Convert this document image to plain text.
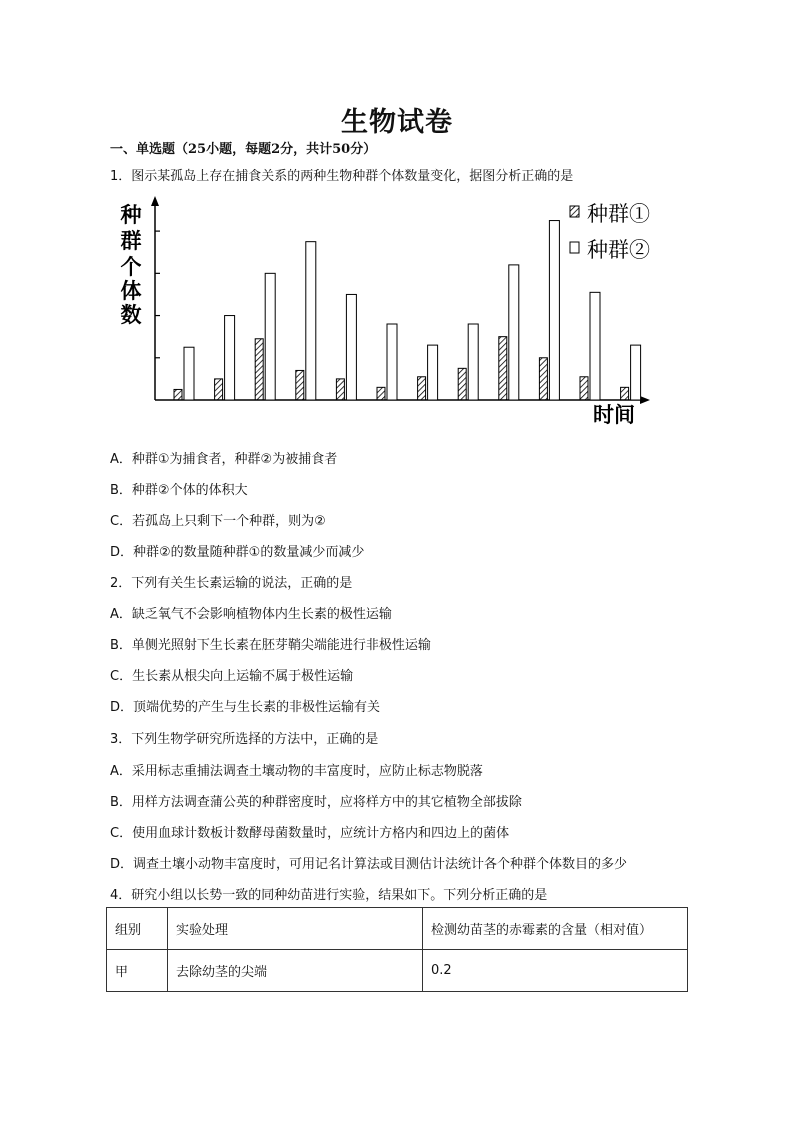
生物试卷
一、单选题（25小题，每题2分，共计50分）
1．图示某孤岛上存在捕食关系的两种生物种群个体数量变化，据图分析正确的是
种
群
个
体
数
时间
种群①
种群②
A．种群①为捕食者，种群②为被捕食者
B．种群②个体的体积大
C．若孤岛上只剩下一个种群，则为②
D．种群②的数量随种群①的数量减少而减少
2．下列有关生长素运输的说法，正确的是
A．缺乏氧气不会影响植物体内生长素的极性运输
B．单侧光照射下生长素在胚芽鞘尖端能进行非极性运输
C．生长素从根尖向上运输不属于极性运输
D．顶端优势的产生与生长素的非极性运输有关
3．下列生物学研究所选择的方法中，正确的是
A．采用标志重捕法调查土壤动物的丰富度时，应防止标志物脱落
B．用样方法调查蒲公英的种群密度时，应将样方中的其它植物全部拔除
C．使用血球计数板计数酵母菌数量时，应统计方格内和四边上的菌体
D．调查土壤小动物丰富度时，可用记名计算法或目测估计法统计各个种群个体数目的多少
4．研究小组以长势一致的同种幼苗进行实验，结果如下。下列分析正确的是
组别	实验处理	检测幼苗茎的赤霉素的含量（相对值）
甲	去除幼茎的尖端	0.2
